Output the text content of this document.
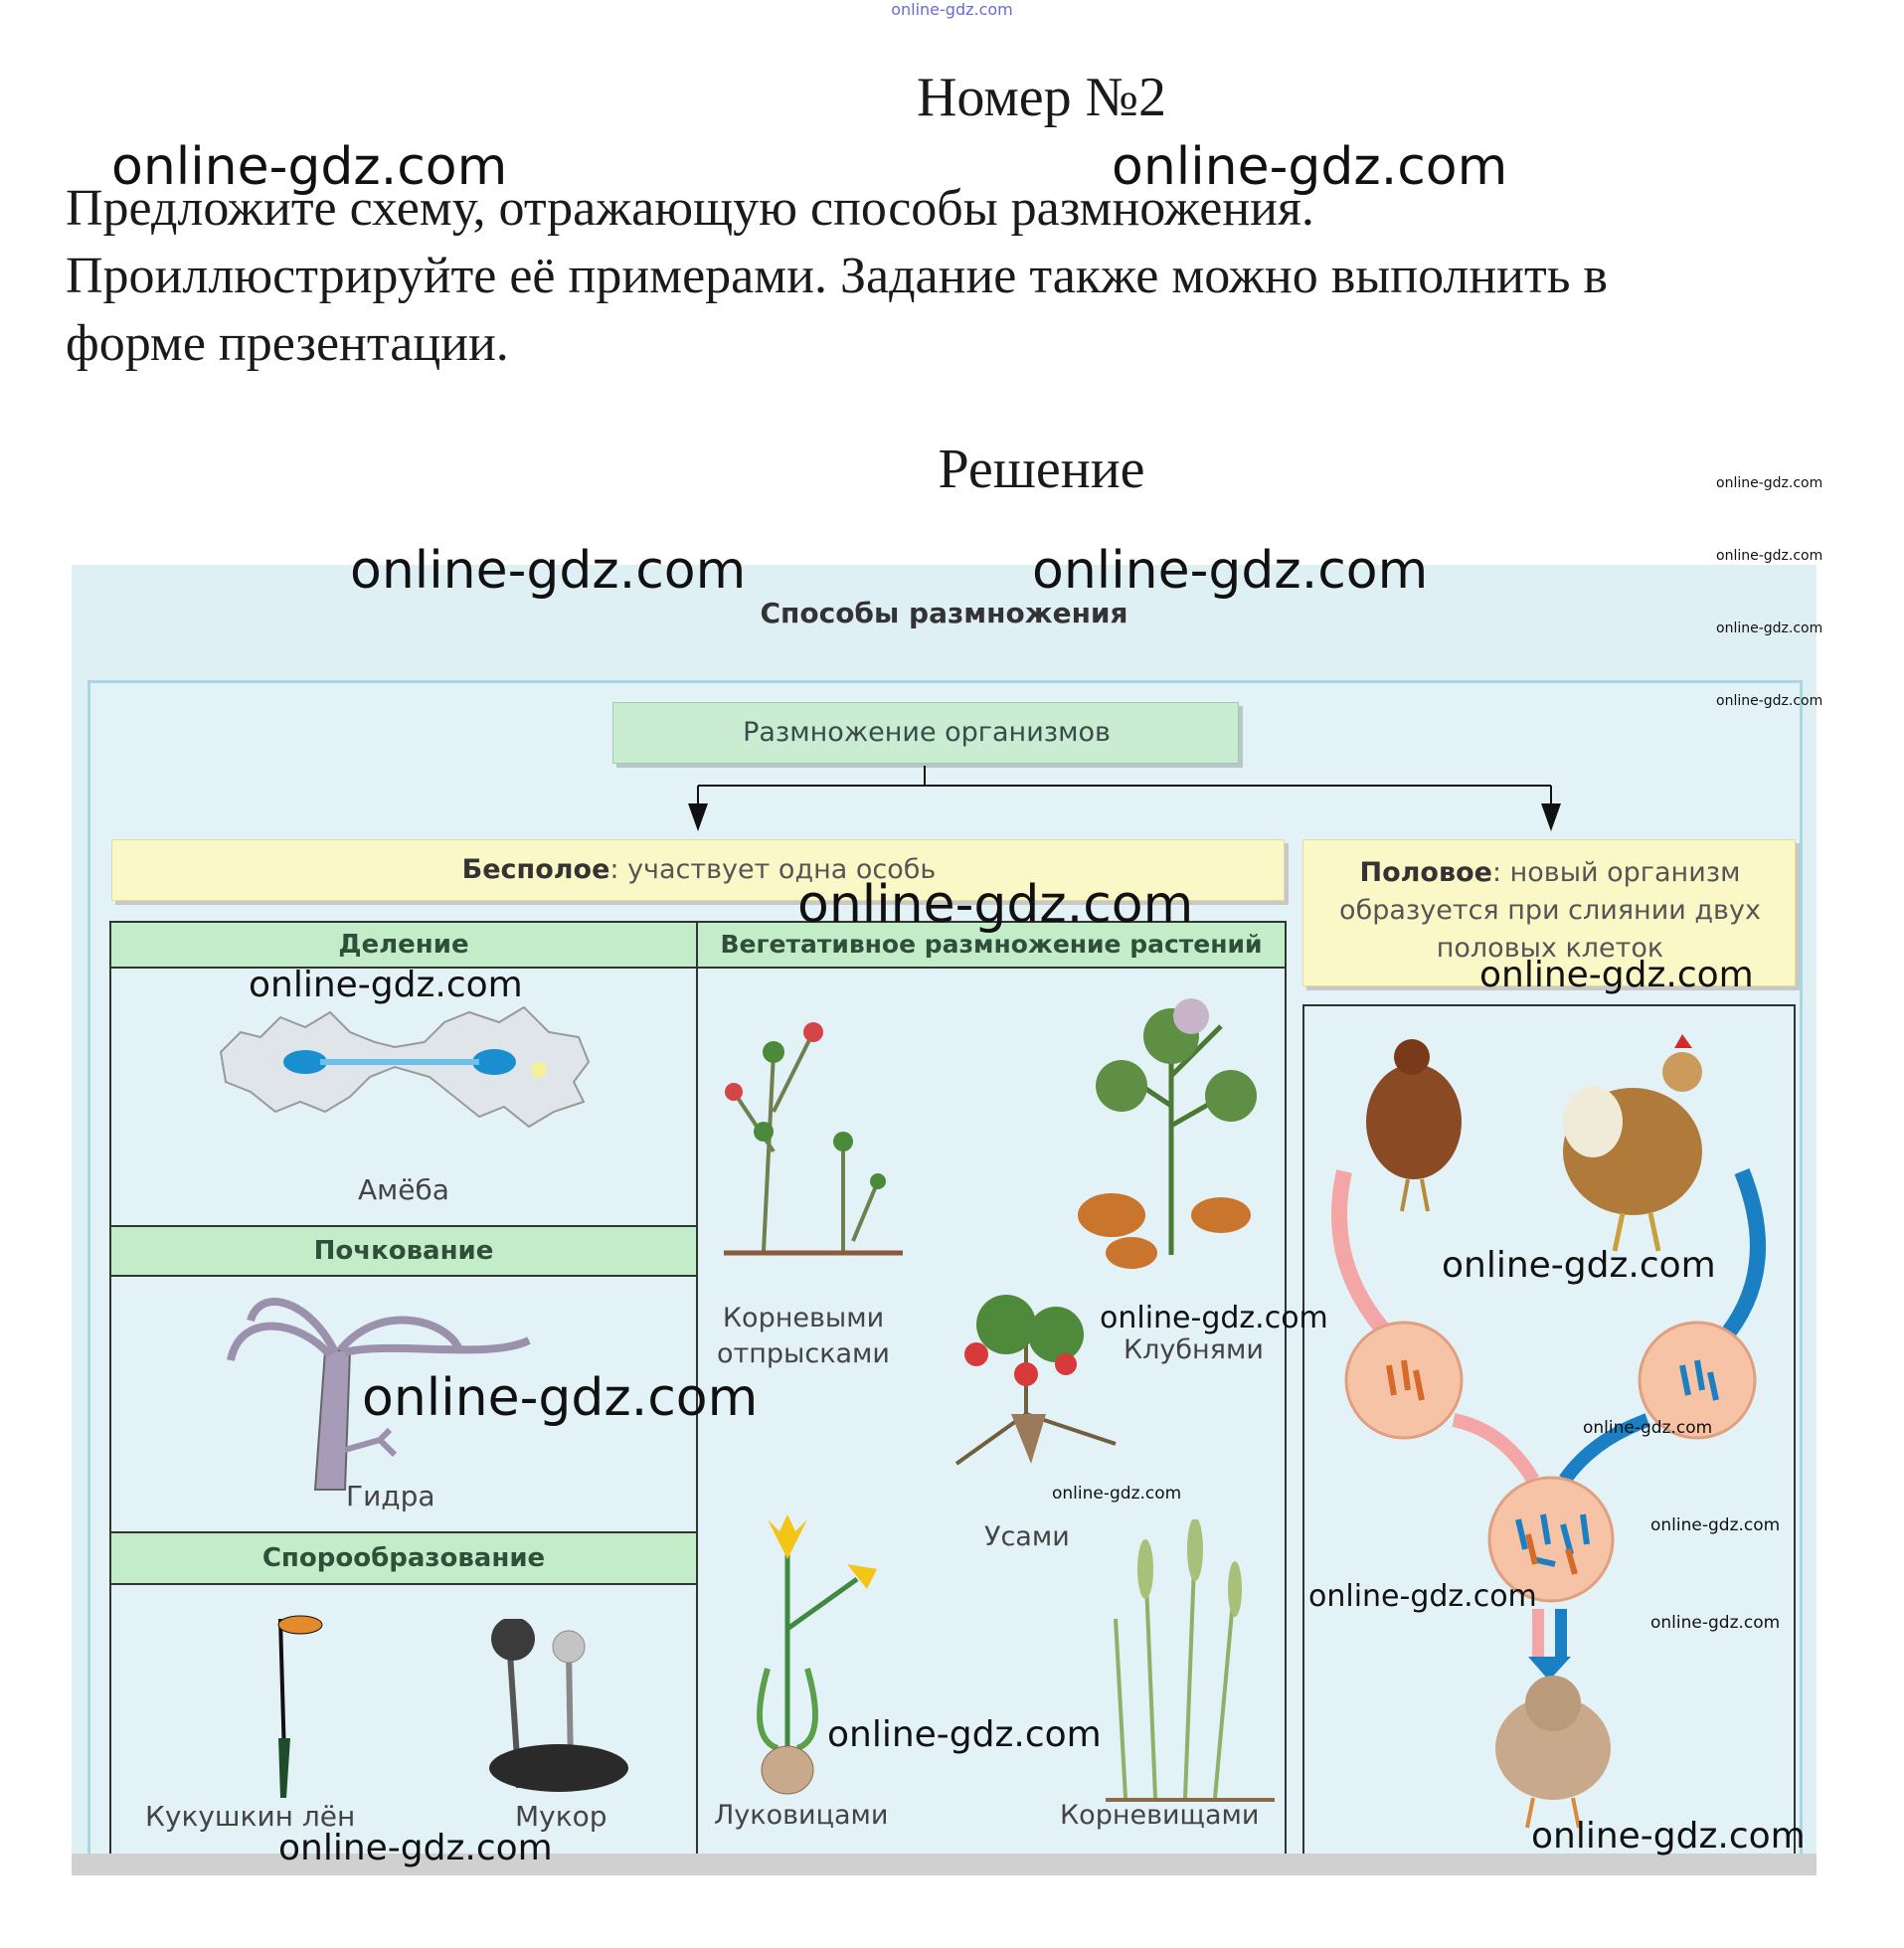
online-gdz.com
Номер №2
Предложите схему, отражающую способы размножения.
Проиллюстрируйте её примерами. Задание также можно выполнить в
форме презентации.
Решение
Способы размножения
Размножение организмов
Бесполое: участвует одна особь	Половое: новый организм образуется при слиянии двух половых клеток
Деление
Амёба
Почкование
Гидра
Спорообразование
Кукушкин лён	Мукор
Вегетативное размножение растений
Корневыми отпрысками	Клубнями
Усами
Луковицами	Корневищами
online-gdz.com	online-gdz.com
online-gdz.com	online-gdz.com
online-gdz.com
online-gdz.com
online-gdz.com	online-gdz.com
online-gdz.com
online-gdz.com
online-gdz.com	online-gdz.com
online-gdz.com
online-gdz.com
online-gdz.com
online-gdz.com
online-gdz.com
online-gdz.com
online-gdz.com
online-gdz.com
online-gdz.com
online-gdz.com
